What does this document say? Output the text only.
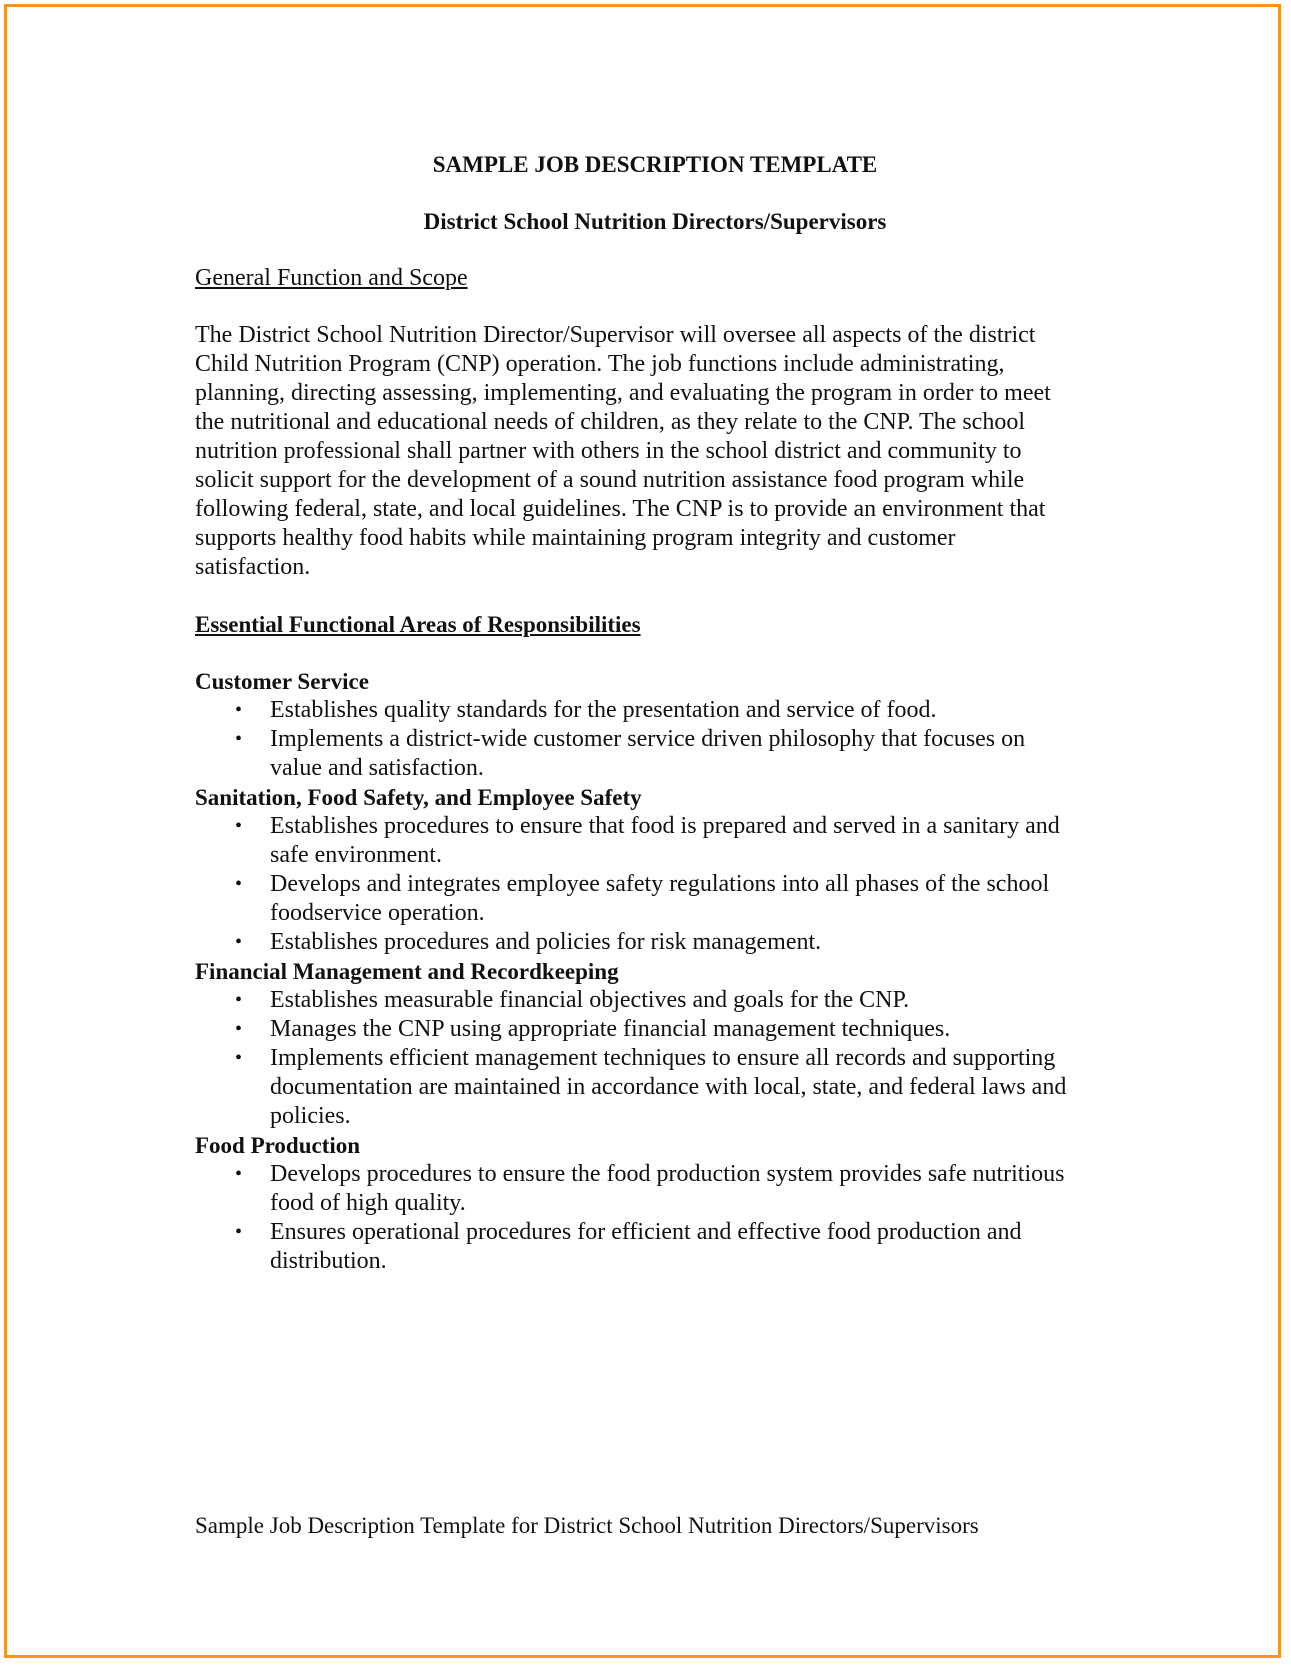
SAMPLE JOB DESCRIPTION TEMPLATE
District School Nutrition Directors/Supervisors
General Function and Scope

The District School Nutrition Director/Supervisor will oversee all aspects of the district Child Nutrition Program (CNP) operation. The job functions include administrating, planning, directing assessing, implementing, and evaluating the program in order to meet the nutritional and educational needs of children, as they relate to the CNP. The school nutrition professional shall partner with others in the school district and community to solicit support for the development of a sound nutrition assistance food program while following federal, state, and local guidelines. The CNP is to provide an environment that supports healthy food habits while maintaining program integrity and customer satisfaction.

Essential Functional Areas of Responsibilities
Customer Service
• Establishes quality standards for the presentation and service of food.
• Implements a district-wide customer service driven philosophy that focuses on value and satisfaction.
Sanitation, Food Safety, and Employee Safety
• Establishes procedures to ensure that food is prepared and served in a sanitary and safe environment.
• Develops and integrates employee safety regulations into all phases of the school foodservice operation.
• Establishes procedures and policies for risk management.
Financial Management and Recordkeeping
• Establishes measurable financial objectives and goals for the CNP.
• Manages the CNP using appropriate financial management techniques.
• Implements efficient management techniques to ensure all records and supporting documentation are maintained in accordance with local, state, and federal laws and policies.
Food Production
• Develops procedures to ensure the food production system provides safe nutritious food of high quality.
• Ensures operational procedures for efficient and effective food production and distribution.
Sample Job Description Template for District School Nutrition Directors/Supervisors
